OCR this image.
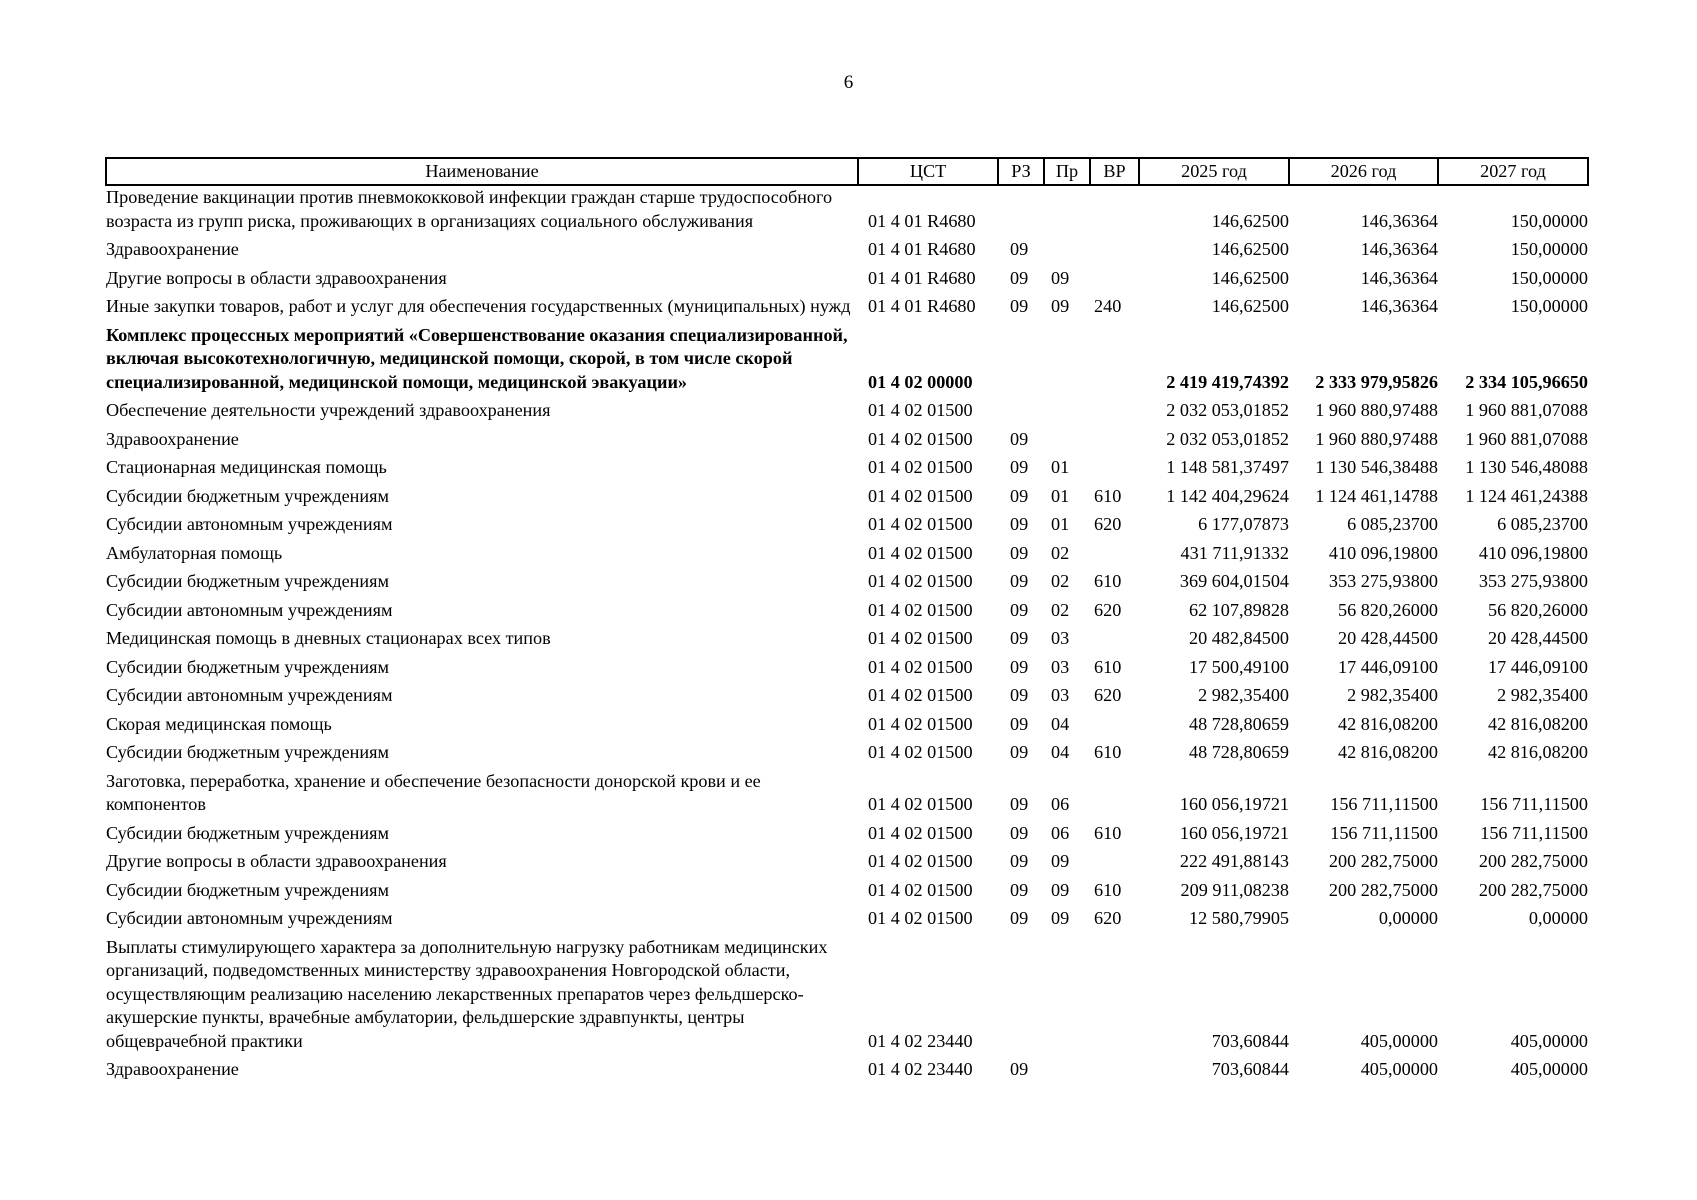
6
Наименование	ЦСТ	РЗ	Пр	ВР	2025 год	2026 год	2027 год
Проведение вакцинации против пневмококковой инфекции граждан старше трудоспособного возраста из групп риска, проживающих в организациях социального обслуживания	01 4 01 R4680				146,62500	146,36364	150,00000
Здравоохранение	01 4 01 R4680	09			146,62500	146,36364	150,00000
Другие вопросы в области здравоохранения	01 4 01 R4680	09	09		146,62500	146,36364	150,00000
Иные закупки товаров, работ и услуг для обеспечения государственных (муниципальных) нужд	01 4 01 R4680	09	09	240	146,62500	146,36364	150,00000
Комплекс процессных мероприятий «Совершенствование оказания специализированной, включая высокотехнологичную, медицинской помощи, скорой, в том числе скорой специализированной, медицинской помощи, медицинской эвакуации»	01 4 02 00000				2 419 419,74392	2 333 979,95826	2 334 105,96650
Обеспечение деятельности учреждений здравоохранения	01 4 02 01500				2 032 053,01852	1 960 880,97488	1 960 881,07088
Здравоохранение	01 4 02 01500	09			2 032 053,01852	1 960 880,97488	1 960 881,07088
Стационарная медицинская помощь	01 4 02 01500	09	01		1 148 581,37497	1 130 546,38488	1 130 546,48088
Субсидии бюджетным учреждениям	01 4 02 01500	09	01	610	1 142 404,29624	1 124 461,14788	1 124 461,24388
Субсидии автономным учреждениям	01 4 02 01500	09	01	620	6 177,07873	6 085,23700	6 085,23700
Амбулаторная помощь	01 4 02 01500	09	02		431 711,91332	410 096,19800	410 096,19800
Субсидии бюджетным учреждениям	01 4 02 01500	09	02	610	369 604,01504	353 275,93800	353 275,93800
Субсидии автономным учреждениям	01 4 02 01500	09	02	620	62 107,89828	56 820,26000	56 820,26000
Медицинская помощь в дневных стационарах всех типов	01 4 02 01500	09	03		20 482,84500	20 428,44500	20 428,44500
Субсидии бюджетным учреждениям	01 4 02 01500	09	03	610	17 500,49100	17 446,09100	17 446,09100
Субсидии автономным учреждениям	01 4 02 01500	09	03	620	2 982,35400	2 982,35400	2 982,35400
Скорая медицинская помощь	01 4 02 01500	09	04		48 728,80659	42 816,08200	42 816,08200
Субсидии бюджетным учреждениям	01 4 02 01500	09	04	610	48 728,80659	42 816,08200	42 816,08200
Заготовка, переработка, хранение и обеспечение безопасности донорской крови и ее компонентов	01 4 02 01500	09	06		160 056,19721	156 711,11500	156 711,11500
Субсидии бюджетным учреждениям	01 4 02 01500	09	06	610	160 056,19721	156 711,11500	156 711,11500
Другие вопросы в области здравоохранения	01 4 02 01500	09	09		222 491,88143	200 282,75000	200 282,75000
Субсидии бюджетным учреждениям	01 4 02 01500	09	09	610	209 911,08238	200 282,75000	200 282,75000
Субсидии автономным учреждениям	01 4 02 01500	09	09	620	12 580,79905	0,00000	0,00000
Выплаты стимулирующего характера за дополнительную нагрузку работникам медицинских организаций, подведомственных министерству здравоохранения Новгородской области, осуществляющим реализацию населению лекарственных препаратов через фельдшерско-акушерские пункты, врачебные амбулатории, фельдшерские здравпункты, центры общеврачебной практики	01 4 02 23440				703,60844	405,00000	405,00000
Здравоохранение	01 4 02 23440	09			703,60844	405,00000	405,00000
